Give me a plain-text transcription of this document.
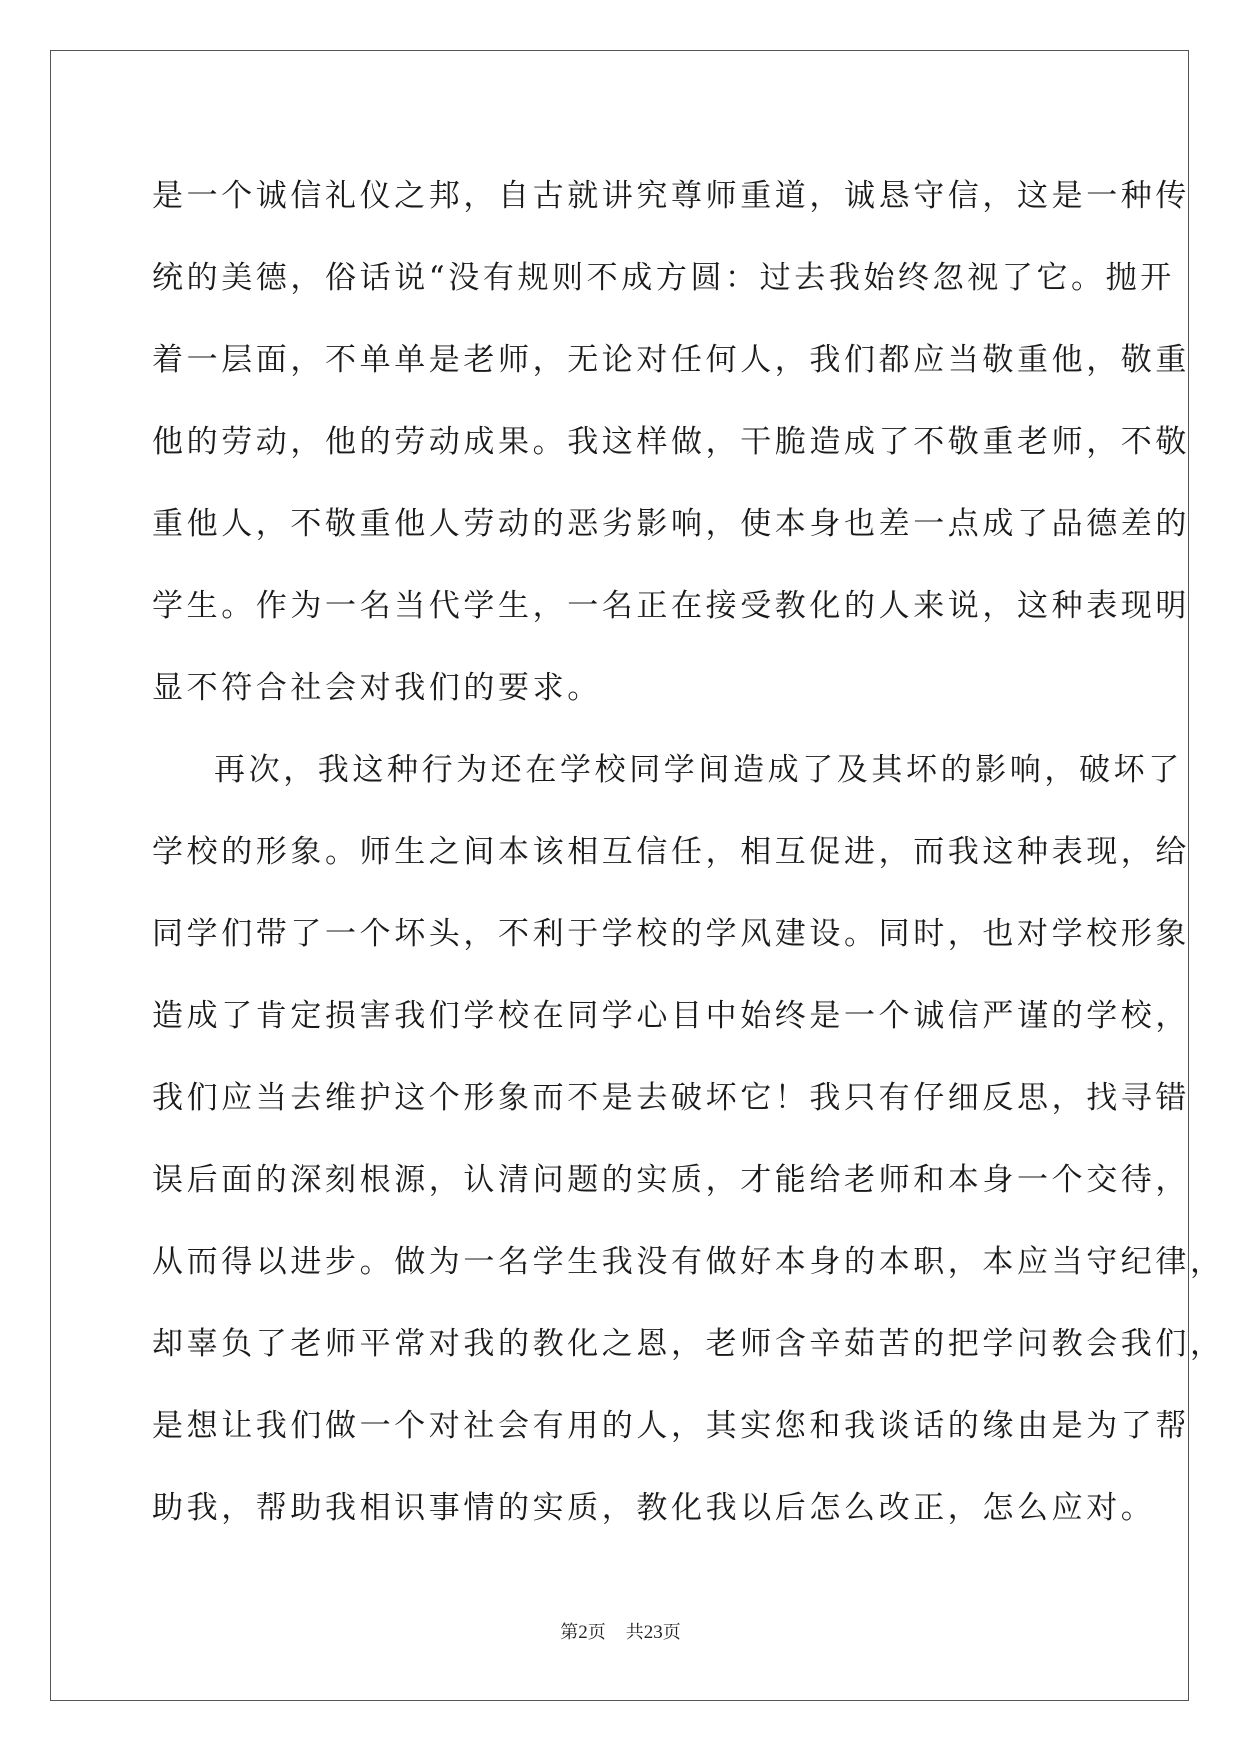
是一个诚信礼仪之邦，自古就讲究尊师重道，诚恳守信，这是一种传
统的美德，俗话说“没有规则不成方圆：过去我始终忽视了它。抛开
着一层面，不单单是老师，无论对任何人，我们都应当敬重他，敬重
他的劳动，他的劳动成果。我这样做，干脆造成了不敬重老师，不敬
重他人，不敬重他人劳动的恶劣影响，使本身也差一点成了品德差的
学生。作为一名当代学生，一名正在接受教化的人来说，这种表现明
显不符合社会对我们的要求。
再次，我这种行为还在学校同学间造成了及其坏的影响，破坏了
学校的形象。师生之间本该相互信任，相互促进，而我这种表现，给
同学们带了一个坏头，不利于学校的学风建设。同时，也对学校形象
造成了肯定损害我们学校在同学心目中始终是一个诚信严谨的学校，
我们应当去维护这个形象而不是去破坏它！我只有仔细反思，找寻错
误后面的深刻根源，认清问题的实质，才能给老师和本身一个交待，
从而得以进步。做为一名学生我没有做好本身的本职，本应当守纪律，
却辜负了老师平常对我的教化之恩，老师含辛茹苦的把学问教会我们，
是想让我们做一个对社会有用的人，其实您和我谈话的缘由是为了帮
助我，帮助我相识事情的实质，教化我以后怎么改正，怎么应对。
第2页 共23页
